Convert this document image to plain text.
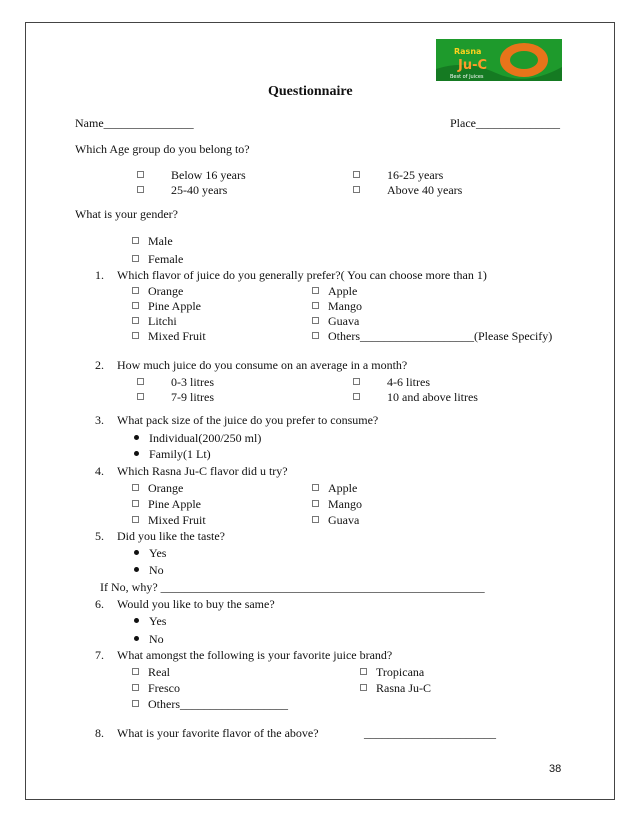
Rasna
Ju-C
Best of Juices
Questionnaire
Name_______________	Place______________
Which Age group do you belong to?
Below 16 years	16-25 years
25-40 years	Above 40 years
What is your gender?
Male
Female
1. Which flavor of juice do you generally prefer?( You can choose more than 1)
Orange	Apple
Pine Apple	Mango
Litchi	Guava
Mixed Fruit	Others___________________(Please Specify)
2. How much juice do you consume on an average in a month?
0-3 litres	4-6 litres
7-9 litres	10 and above litres
3. What pack size of the juice do you prefer to consume?
Individual(200/250 ml)
Family(1 Lt)
4. Which Rasna Ju-C flavor did u try?
Orange	Apple
Pine Apple	Mango
Mixed Fruit	Guava
5. Did you like the taste?
Yes
No
If No, why? ______________________________________________________
6. Would you like to buy the same?
Yes
No
7. What amongst the following is your favorite juice brand?
Real	Tropicana
Fresco	Rasna Ju-C
Others__________________
8. What is your favorite flavor of the above?	______________________
38
